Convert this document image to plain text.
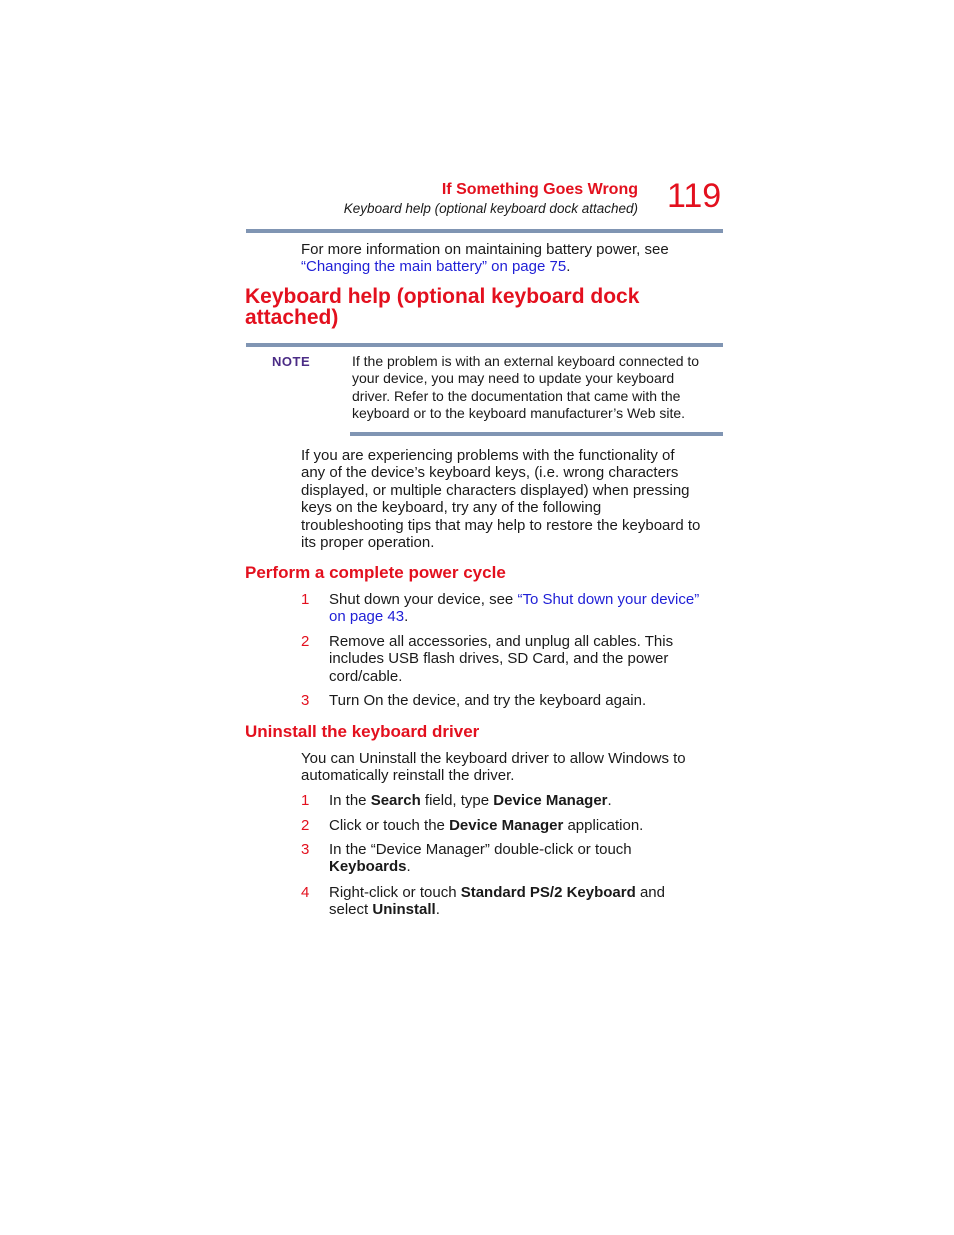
If Something Goes Wrong
Keyboard help (optional keyboard dock attached) 119
For more information on maintaining battery power, see
“Changing the main battery” on page 75.
Keyboard help (optional keyboard dock
attached)
NOTE	If the problem is with an external keyboard connected to
your device, you may need to update your keyboard
driver. Refer to the documentation that came with the
keyboard or to the keyboard manufacturer’s Web site.
If you are experiencing problems with the functionality of
any of the device’s keyboard keys, (i.e. wrong characters
displayed, or multiple characters displayed) when pressing
keys on the keyboard, try any of the following
troubleshooting tips that may help to restore the keyboard to
its proper operation.
Perform a complete power cycle
1	Shut down your device, see “To Shut down your device”
on page 43.
2	Remove all accessories, and unplug all cables. This
includes USB flash drives, SD Card, and the power
cord/cable.
3	Turn On the device, and try the keyboard again.
Uninstall the keyboard driver
You can Uninstall the keyboard driver to allow Windows to
automatically reinstall the driver.
1	In the Search field, type Device Manager.
2	Click or touch the Device Manager application.
3	In the “Device Manager” double-click or touch
Keyboards.
4	Right-click or touch Standard PS/2 Keyboard and
select Uninstall.
